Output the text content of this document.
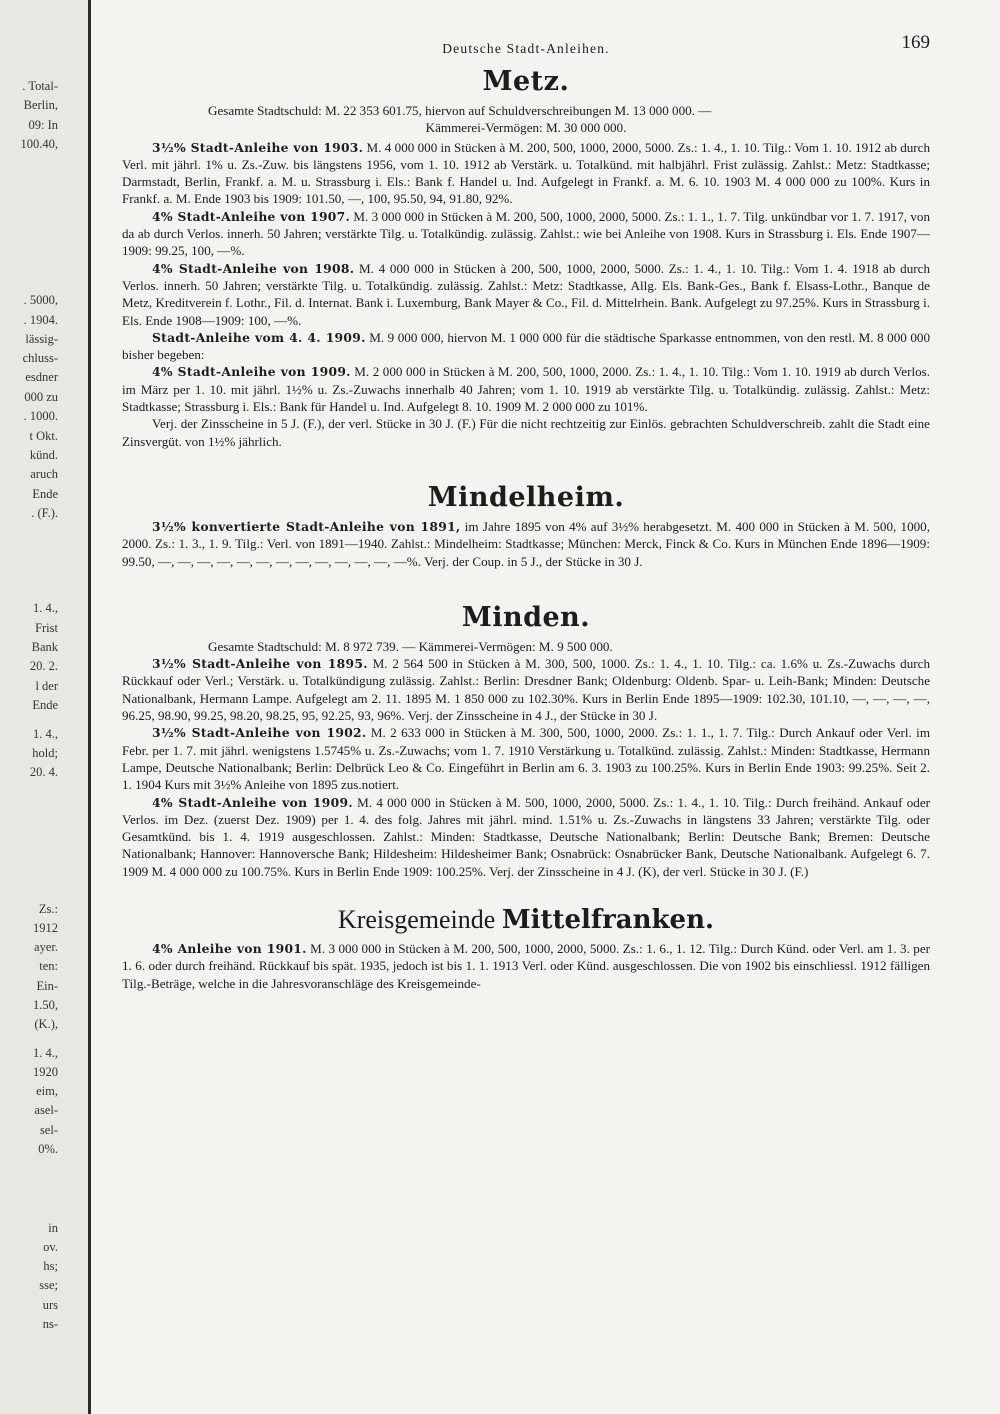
. Total-
Berlin,
09: In
100.40,
. 5000,
. 1904.
lässig-
chluss-
esdner
000 zu
. 1000.
t Okt.
künd.
aruch
Ende
. (F.).
1. 4.,
Frist
Bank
20. 2.
l der
Ende
1. 4.,
hold;
20. 4.
Zs.:
1912
ayer.
ten:
Ein-
1.50,
(K.),
1. 4.,
1920
eim,
asel-
sel-
0%.
in
ov.
hs;
sse;
urs
ns-
Deutsche Stadt-Anleihen.	169
Metz.

Gesamte Stadtschuld: M. 22 353 601.75, hiervon auf Schuldverschreibungen M. 13 000 000. —

Kämmerei-Vermögen: M. 30 000 000.

3½% Stadt-Anleihe von 1903. M. 4 000 000 in Stücken à M. 200, 500, 1000, 2000, 5000. Zs.: 1. 4., 1. 10. Tilg.: Vom 1. 10. 1912 ab durch Verl. mit jährl. 1% u. Zs.-Zuw. bis längstens 1956, vom 1. 10. 1912 ab Verstärk. u. Totalkünd. mit halbjährl. Frist zulässig. Zahlst.: Metz: Stadtkasse; Darmstadt, Berlin, Frankf. a. M. u. Strassburg i. Els.: Bank f. Handel u. Ind. Aufgelegt in Frankf. a. M. 6. 10. 1903 M. 4 000 000 zu 100%. Kurs in Frankf. a. M. Ende 1903 bis 1909: 101.50, —, 100, 95.50, 94, 91.80, 92%.

4% Stadt-Anleihe von 1907. M. 3 000 000 in Stücken à M. 200, 500, 1000, 2000, 5000. Zs.: 1. 1., 1. 7. Tilg. unkündbar vor 1. 7. 1917, von da ab durch Verlos. innerh. 50 Jahren; verstärkte Tilg. u. Totalkündig. zulässig. Zahlst.: wie bei Anleihe von 1908. Kurs in Strassburg i. Els. Ende 1907—1909: 99.25, 100, —%.

4% Stadt-Anleihe von 1908. M. 4 000 000 in Stücken à 200, 500, 1000, 2000, 5000. Zs.: 1. 4., 1. 10. Tilg.: Vom 1. 4. 1918 ab durch Verlos. innerh. 50 Jahren; verstärkte Tilg. u. Totalkündig. zulässig. Zahlst.: Metz: Stadtkasse, Allg. Els. Bank-Ges., Bank f. Elsass-Lothr., Banque de Metz, Kreditverein f. Lothr., Fil. d. Internat. Bank i. Luxemburg, Bank Mayer & Co., Fil. d. Mittelrhein. Bank. Aufgelegt zu 97.25%. Kurs in Strassburg i. Els. Ende 1908—1909: 100, —%.

Stadt-Anleihe vom 4. 4. 1909. M. 9 000 000, hiervon M. 1 000 000 für die städtische Sparkasse entnommen, von den restl. M. 8 000 000 bisher begeben:

4% Stadt-Anleihe von 1909. M. 2 000 000 in Stücken à M. 200, 500, 1000, 2000. Zs.: 1. 4., 1. 10. Tilg.: Vom 1. 10. 1919 ab durch Verlos. im März per 1. 10. mit jährl. 1½% u. Zs.-Zuwachs innerhalb 40 Jahren; vom 1. 10. 1919 ab verstärkte Tilg. u. Totalkündig. zulässig. Zahlst.: Metz: Stadtkasse; Strassburg i. Els.: Bank für Handel u. Ind. Aufgelegt 8. 10. 1909 M. 2 000 000 zu 101%.

Verj. der Zinsscheine in 5 J. (F.), der verl. Stücke in 30 J. (F.) Für die nicht rechtzeitig zur Einlös. gebrachten Schuldverschreib. zahlt die Stadt eine Zinsvergüt. von 1½% jährlich.

Mindelheim.

3½% konvertierte Stadt-Anleihe von 1891, im Jahre 1895 von 4% auf 3½% herabgesetzt. M. 400 000 in Stücken à M. 500, 1000, 2000. Zs.: 1. 3., 1. 9. Tilg.: Verl. von 1891—1940. Zahlst.: Mindelheim: Stadtkasse; München: Merck, Finck & Co. Kurs in München Ende 1896—1909: 99.50, —, —, —, —, —, —, —, —, —, —, —, —, —%. Verj. der Coup. in 5 J., der Stücke in 30 J.

Minden.

Gesamte Stadtschuld: M. 8 972 739. — Kämmerei-Vermögen: M. 9 500 000.

3½% Stadt-Anleihe von 1895. M. 2 564 500 in Stücken à M. 300, 500, 1000. Zs.: 1. 4., 1. 10. Tilg.: ca. 1.6% u. Zs.-Zuwachs durch Rückkauf oder Verl.; Verstärk. u. Totalkündigung zulässig. Zahlst.: Berlin: Dresdner Bank; Oldenburg: Oldenb. Spar- u. Leih-Bank; Minden: Deutsche Nationalbank, Hermann Lampe. Aufgelegt am 2. 11. 1895 M. 1 850 000 zu 102.30%. Kurs in Berlin Ende 1895—1909: 102.30, 101.10, —, —, —, —, 96.25, 98.90, 99.25, 98.20, 98.25, 95, 92.25, 93, 96%. Verj. der Zinsscheine in 4 J., der Stücke in 30 J.

3½% Stadt-Anleihe von 1902. M. 2 633 000 in Stücken à M. 300, 500, 1000, 2000. Zs.: 1. 1., 1. 7. Tilg.: Durch Ankauf oder Verl. im Febr. per 1. 7. mit jährl. wenigstens 1.5745% u. Zs.-Zuwachs; vom 1. 7. 1910 Verstärkung u. Totalkünd. zulässig. Zahlst.: Minden: Stadtkasse, Hermann Lampe, Deutsche Nationalbank; Berlin: Delbrück Leo & Co. Eingeführt in Berlin am 6. 3. 1903 zu 100.25%. Kurs in Berlin Ende 1903: 99.25%. Seit 2. 1. 1904 Kurs mit 3½% Anleihe von 1895 zus.notiert.

4% Stadt-Anleihe von 1909. M. 4 000 000 in Stücken à M. 500, 1000, 2000, 5000. Zs.: 1. 4., 1. 10. Tilg.: Durch freihänd. Ankauf oder Verlos. im Dez. (zuerst Dez. 1909) per 1. 4. des folg. Jahres mit jährl. mind. 1.51% u. Zs.-Zuwachs in längstens 33 Jahren; verstärkte Tilg. oder Gesamtkünd. bis 1. 4. 1919 ausgeschlossen. Zahlst.: Minden: Stadtkasse, Deutsche Nationalbank; Berlin: Deutsche Bank; Bremen: Deutsche Nationalbank; Hannover: Hannoversche Bank; Hildesheim: Hildesheimer Bank; Osnabrück: Osnabrücker Bank, Deutsche Nationalbank. Aufgelegt 6. 7. 1909 M. 4 000 000 zu 100.75%. Kurs in Berlin Ende 1909: 100.25%. Verj. der Zinsscheine in 4 J. (K), der verl. Stücke in 30 J. (F.)

Kreisgemeinde Mittelfranken.

4% Anleihe von 1901. M. 3 000 000 in Stücken à M. 200, 500, 1000, 2000, 5000. Zs.: 1. 6., 1. 12. Tilg.: Durch Künd. oder Verl. am 1. 3. per 1. 6. oder durch freihänd. Rückkauf bis spät. 1935, jedoch ist bis 1. 1. 1913 Verl. oder Künd. ausgeschlossen. Die von 1902 bis einschliessl. 1912 fälligen Tilg.-Beträge, welche in die Jahresvoranschläge des Kreisgemeinde-
